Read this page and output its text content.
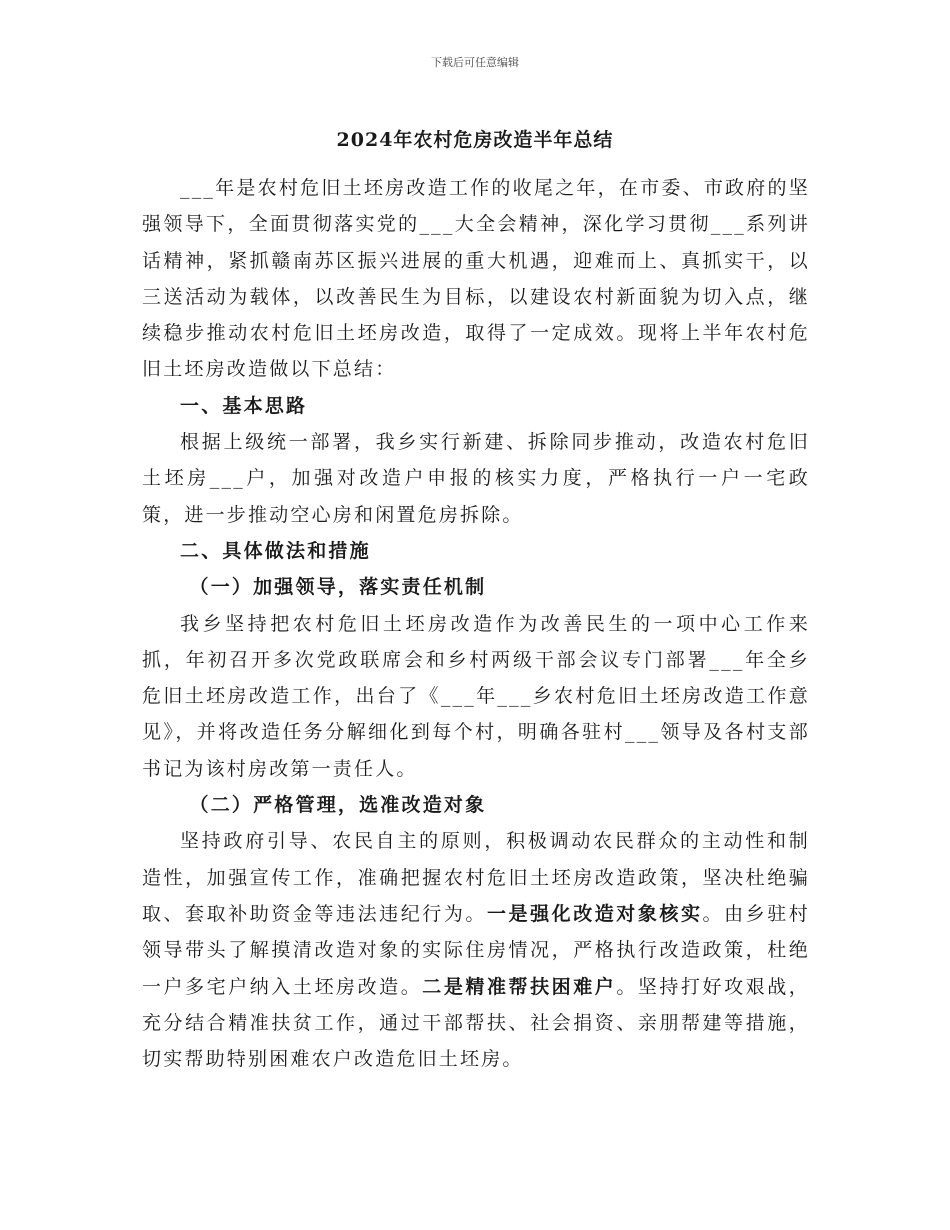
下载后可任意编辑
2024年农村危房改造半年总结

___年是农村危旧土坯房改造工作的收尾之年，在市委、市政府的坚强领导下，全面贯彻落实党的___大全会精神，深化学习贯彻___系列讲话精神，紧抓赣南苏区振兴进展的重大机遇，迎难而上、真抓实干，以三送活动为载体，以改善民生为目标，以建设农村新面貌为切入点，继续稳步推动农村危旧土坯房改造，取得了一定成效。现将上半年农村危旧土坯房改造做以下总结：

一、基本思路

根据上级统一部署，我乡实行新建、拆除同步推动，改造农村危旧土坯房___户，加强对改造户申报的核实力度，严格执行一户一宅政策，进一步推动空心房和闲置危房拆除。

二、具体做法和措施
（一）加强领导，落实责任机制

我乡坚持把农村危旧土坯房改造作为改善民生的一项中心工作来抓，年初召开多次党政联席会和乡村两级干部会议专门部署___年全乡危旧土坯房改造工作，出台了《___年___乡农村危旧土坯房改造工作意见》，并将改造任务分解细化到每个村，明确各驻村___领导及各村支部书记为该村房改第一责任人。

（二）严格管理，选准改造对象

坚持政府引导、农民自主的原则，积极调动农民群众的主动性和制造性，加强宣传工作，准确把握农村危旧土坯房改造政策，坚决杜绝骗取、套取补助资金等违法违纪行为。一是强化改造对象核实。由乡驻村领导带头了解摸清改造对象的实际住房情况，严格执行改造政策，杜绝一户多宅户纳入土坯房改造。二是精准帮扶困难户。坚持打好攻艰战，充分结合精准扶贫工作，通过干部帮扶、社会捐资、亲朋帮建等措施，切实帮助特别困难农户改造危旧土坯房。
